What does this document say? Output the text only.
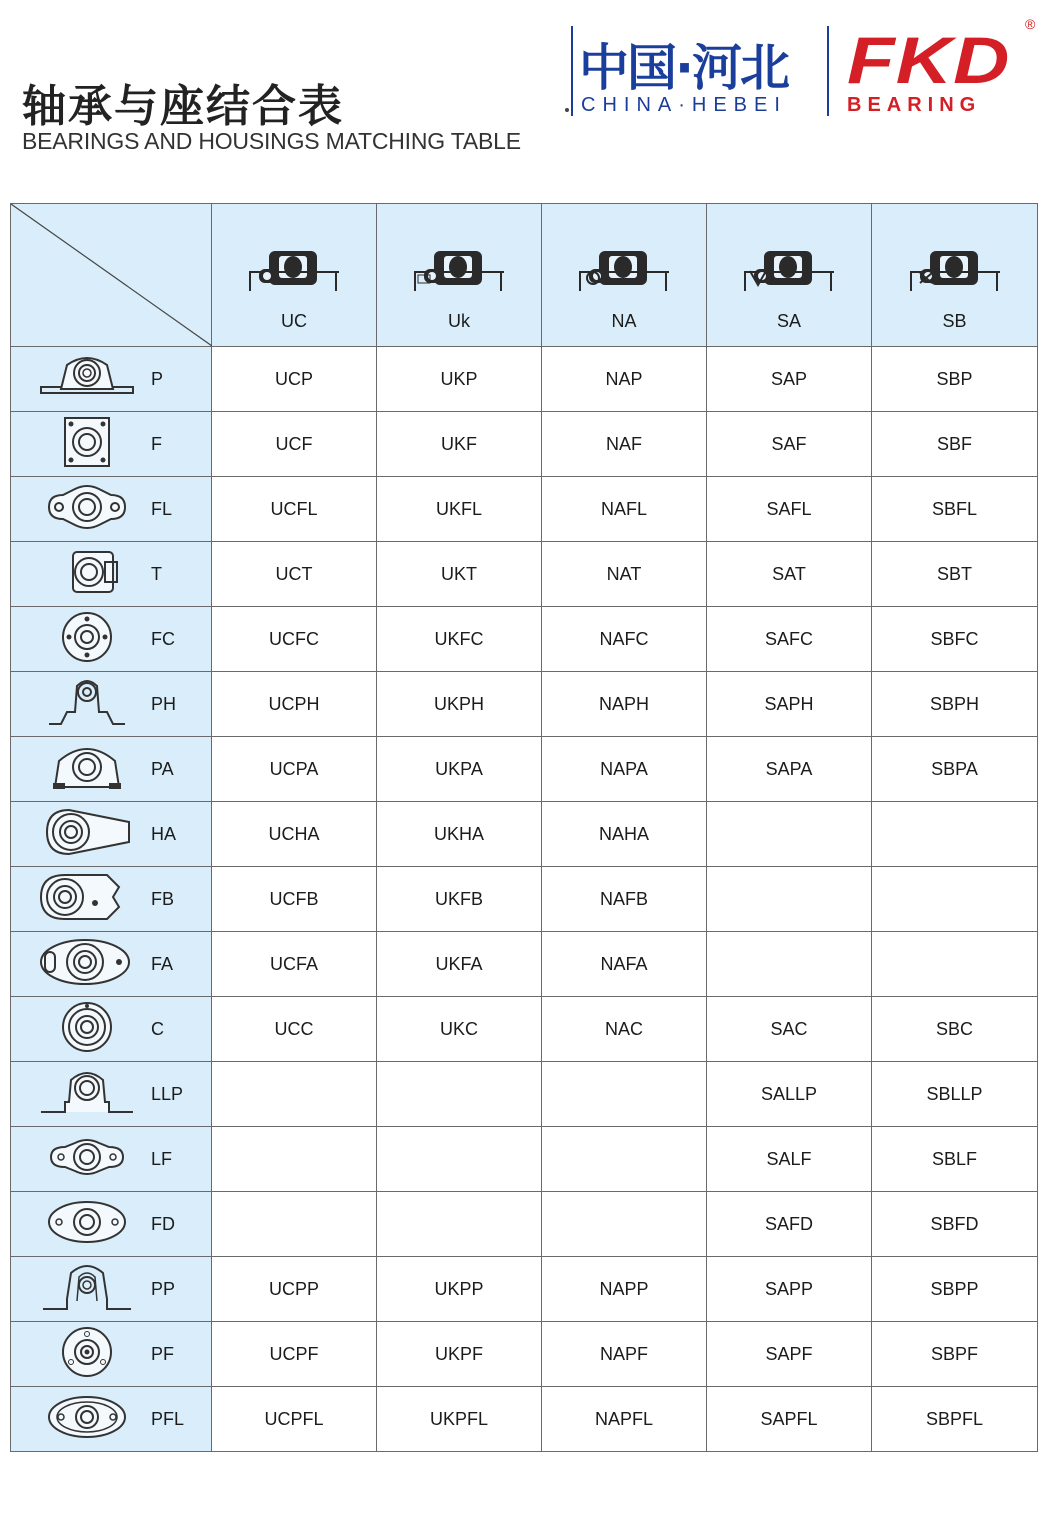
轴承与座结合表
BEARINGS AND HOUSINGS MATCHING TABLE
中国·河北
CHINA·HEBEI
FKD ®
BEARING

UC	Uk	NA	SA	SB

P	UCP	UKP	NAP	SAP	SBP

F	UCF	UKF	NAF	SAF	SBF

FL	UCFL	UKFL	NAFL	SAFL	SBFL

T	UCT	UKT	NAT	SAT	SBT

FC	UCFC	UKFC	NAFC	SAFC	SBFC

PH	UCPH	UKPH	NAPH	SAPH	SBPH

PA	UCPA	UKPA	NAPA	SAPA	SBPA

HA	UCHA	UKHA	NAHA		

FB	UCFB	UKFB	NAFB		

FA	UCFA	UKFA	NAFA		

C	UCC	UKC	NAC	SAC	SBC

LLP				SALLP	SBLLP

LF				SALF	SBLF

FD				SAFD	SBFD

PP	UCPP	UKPP	NAPP	SAPP	SBPP

PF	UCPF	UKPF	NAPF	SAPF	SBPF

PFL	UCPFL	UKPFL	NAPFL	SAPFL	SBPFL
